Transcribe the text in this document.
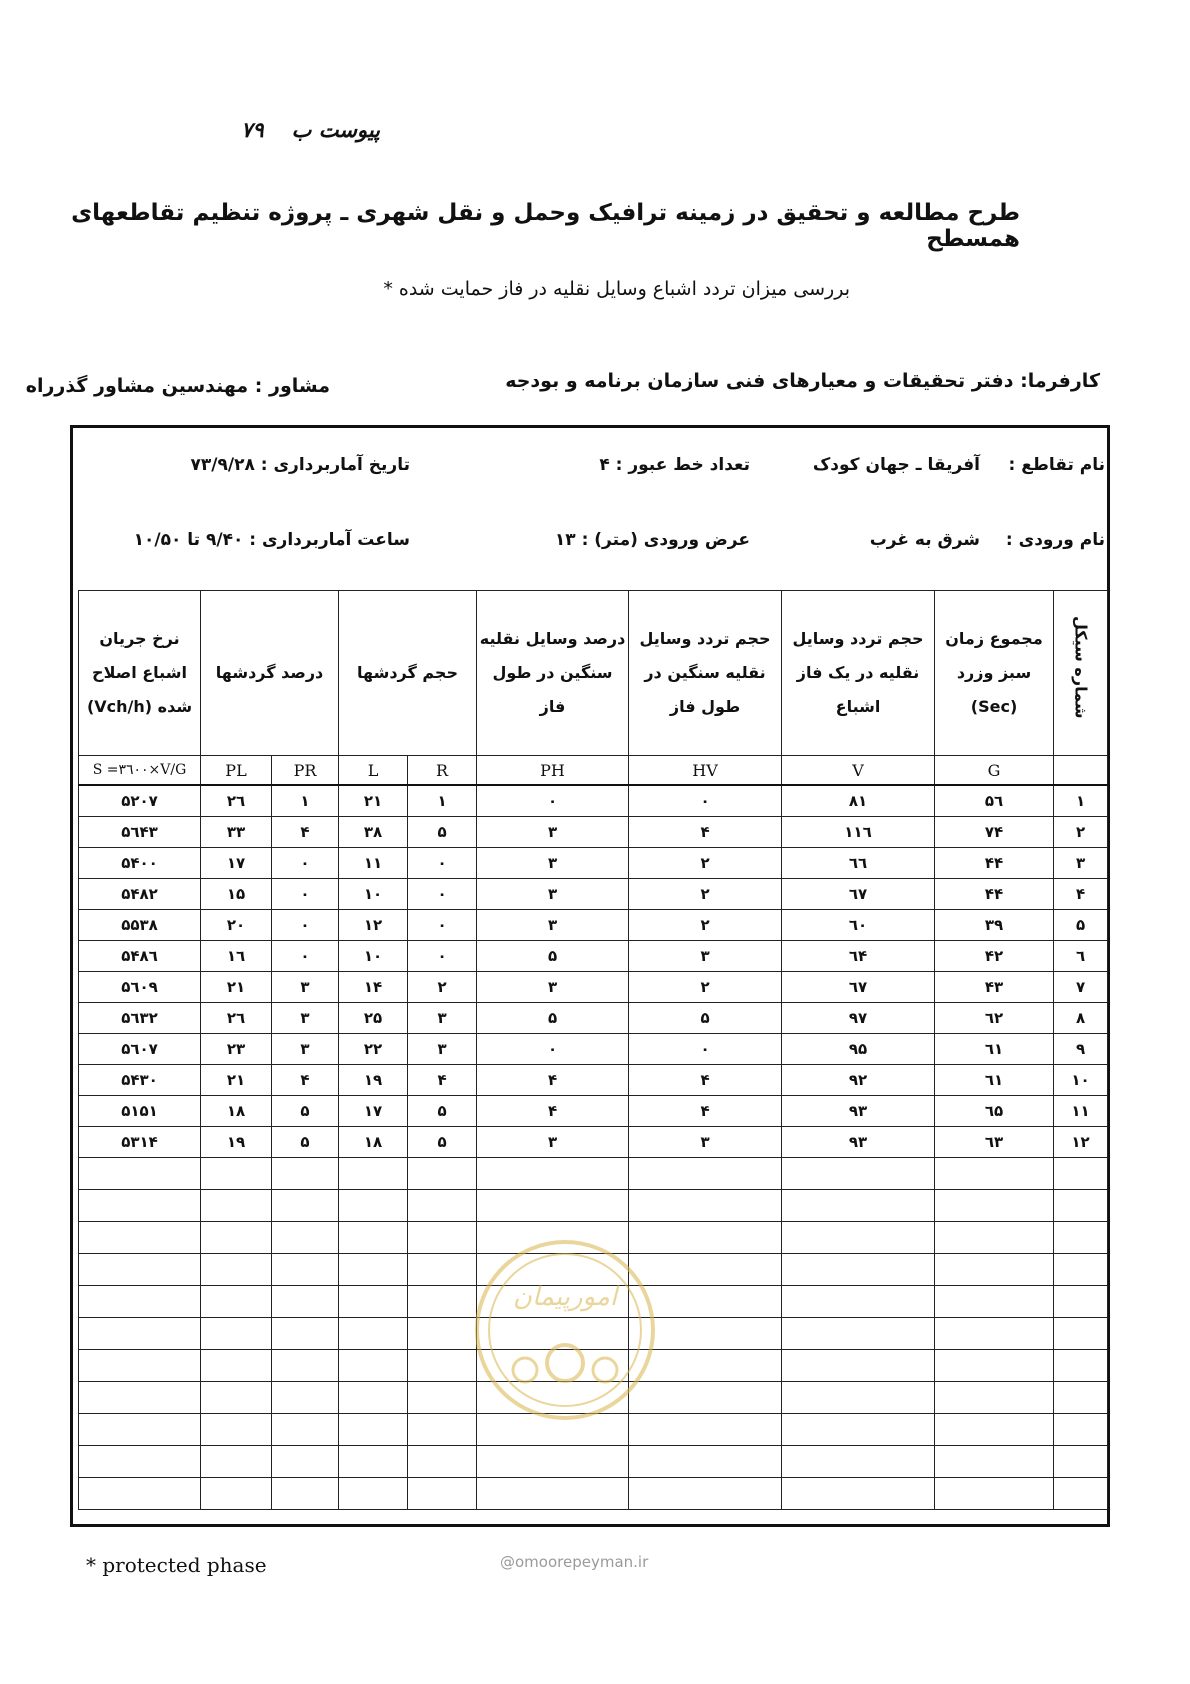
پیوست ب
۷۹
طرح مطالعه و تحقیق در زمینه ترافیک وحمل و نقل شهری ـ پروژه تنظیم تقاطعهای همسطح
بررسی میزان تردد اشباع وسایل نقلیه در فاز حمایت شده *
کارفرما: دفتر تحقیقات و معیارهای فنی سازمان برنامه و بودجه
مشاور : مهندسین مشاور گذرراه
نام تقاطع :
آفریقا ـ جهان کودک
تعداد خط عبور : ۴
تاریخ آماربرداری : ۷۳/۹/۲۸
نام ورودی :
شرق به غرب
عرض ورودی (متر) : ۱۳
ساعت آماربرداری : ۹/۴۰ تا ۱۰/۵۰
شماره سیکل	مجموع زمان سبز وزرد (Sec)	حجم تردد وسایل نقلیه در یک فاز اشباع	حجم تردد وسایل نقلیه سنگین در طول فاز	درصد وسایل نقلیه سنگین در طول فاز	حجم گردشها		درصد گردشها		نرخ جریان اشباع اصلاح شده (Vch/h)
	G	V	HV	PH	R	L	PR	PL	S =۳٦۰۰×V/G
۱	۵٦	۸۱	۰	۰	۱	۲۱	۱	۲٦	۵۲۰۷
۲	۷۴	۱۱٦	۴	۳	۵	۳۸	۴	۳۳	۵٦۴۳
۳	۴۴	٦٦	۲	۳	۰	۱۱	۰	۱۷	۵۴۰۰
۴	۴۴	٦۷	۲	۳	۰	۱۰	۰	۱۵	۵۴۸۲
۵	۳۹	٦۰	۲	۳	۰	۱۲	۰	۲۰	۵۵۳۸
٦	۴۲	٦۴	۳	۵	۰	۱۰	۰	۱٦	۵۴۸٦
۷	۴۳	٦۷	۲	۳	۲	۱۴	۳	۲۱	۵٦۰۹
۸	٦۲	۹۷	۵	۵	۳	۲۵	۳	۲٦	۵٦۳۲
۹	٦۱	۹۵	۰	۰	۳	۲۲	۳	۲۳	۵٦۰۷
۱۰	٦۱	۹۲	۴	۴	۴	۱۹	۴	۲۱	۵۴۳۰
۱۱	٦۵	۹۳	۴	۴	۵	۱۷	۵	۱۸	۵۱۵۱
۱۲	٦۳	۹۳	۳	۳	۵	۱۸	۵	۱۹	۵۳۱۴

* protected phase
امورپیمان
@omoorepeyman.ir
